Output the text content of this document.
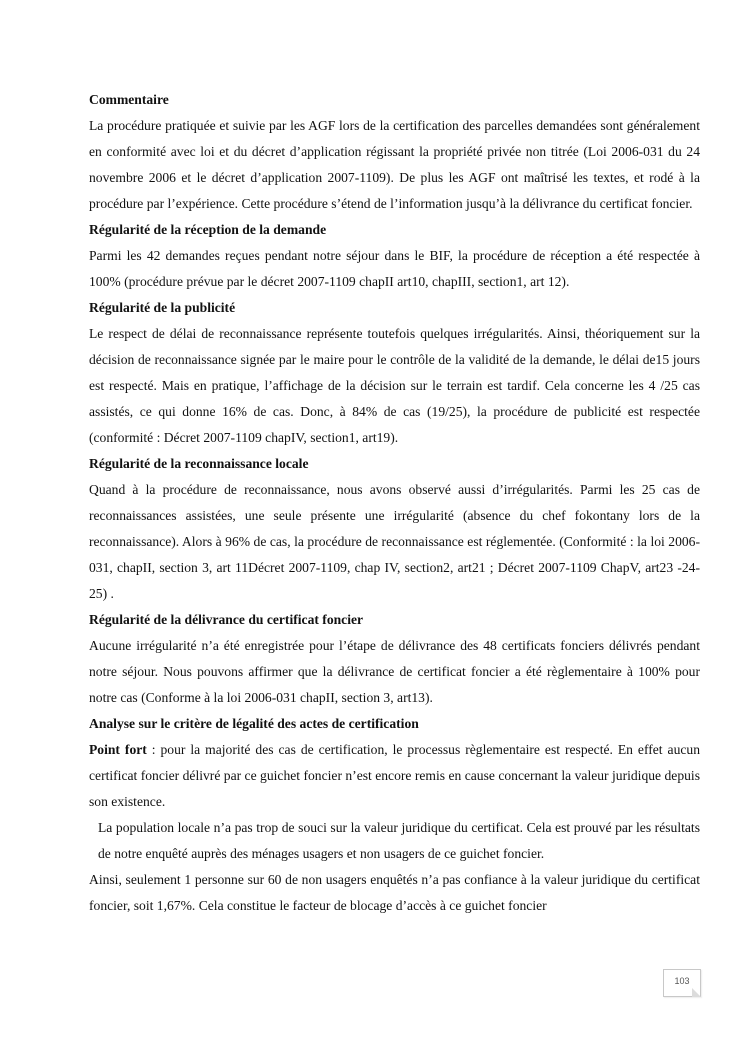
Commentaire

La procédure pratiquée et suivie par les AGF lors de la certification des parcelles demandées sont généralement en conformité avec loi et du décret d’application régissant la propriété privée non titrée (Loi 2006-031 du 24 novembre 2006 et le décret d’application 2007-1109). De plus les AGF ont maîtrisé les textes, et rodé à la procédure par l’expérience. Cette procédure s’étend de l’information jusqu’à la délivrance du certificat foncier.

Régularité de la réception de la demande

Parmi les 42 demandes reçues pendant notre séjour dans le BIF, la procédure de réception a été respectée à 100% (procédure prévue par le décret 2007-1109 chapII art10, chapIII, section1, art 12).

Régularité de la publicité

Le respect de délai de reconnaissance représente toutefois quelques irrégularités. Ainsi, théoriquement sur la décision de reconnaissance signée par le maire pour le contrôle de la validité de la demande, le délai de15 jours est respecté. Mais en pratique, l’affichage de la décision sur le terrain est tardif. Cela concerne les 4 /25 cas assistés, ce qui donne 16% de cas. Donc, à 84% de cas (19/25), la procédure de publicité est respectée (conformité : Décret 2007-1109 chapIV, section1, art19).

Régularité de la reconnaissance locale

Quand à la procédure de reconnaissance, nous avons observé aussi d’irrégularités. Parmi les 25 cas de reconnaissances assistées, une seule présente une irrégularité (absence du chef fokontany lors de la reconnaissance). Alors à 96% de cas, la procédure de reconnaissance est réglementée. (Conformité : la loi 2006-031, chapII, section 3, art 11Décret 2007-1109, chap IV, section2, art21 ; Décret 2007-1109 ChapV, art23 -24-25) .

Régularité de la délivrance du certificat foncier

Aucune irrégularité n’a été enregistrée pour l’étape de délivrance des 48 certificats fonciers délivrés pendant notre séjour. Nous pouvons affirmer que la délivrance de certificat foncier a été règlementaire à 100% pour notre cas (Conforme à la loi 2006-031 chapII, section 3, art13).

Analyse sur le critère de légalité des actes de certification

Point fort : pour la majorité des cas de certification, le processus règlementaire est respecté. En effet aucun certificat foncier délivré par ce guichet foncier n’est encore remis en cause concernant la valeur juridique depuis son existence.

La population locale n’a pas trop de souci sur la valeur juridique du certificat. Cela est prouvé par les résultats de notre enquêté auprès des ménages usagers et non usagers de ce guichet foncier.

Ainsi, seulement 1 personne sur 60 de non usagers enquêtés n’a pas confiance à la valeur juridique du certificat foncier, soit 1,67%. Cela constitue le facteur de blocage d’accès à ce guichet foncier

103
